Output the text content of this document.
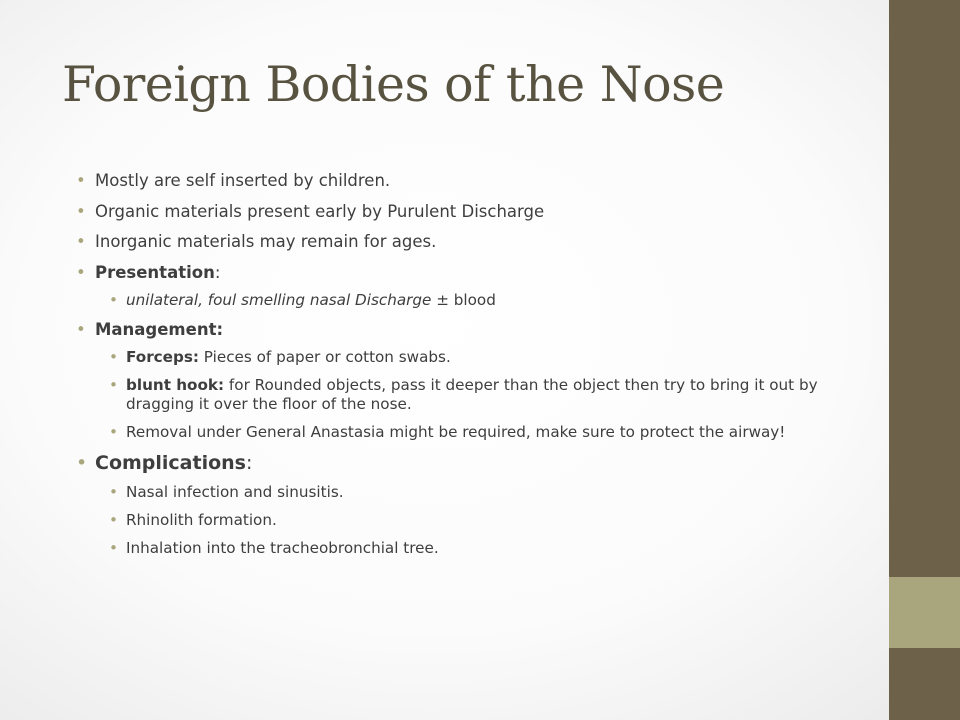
Foreign Bodies of the Nose
• Mostly are self inserted by children.
• Organic materials present early by Purulent Discharge
• Inorganic materials may remain for ages.
• Presentation:
• unilateral, foul smelling nasal Discharge ± blood
• Management:
• Forceps: Pieces of paper or cotton swabs.
• blunt hook: for Rounded objects, pass it deeper than the object then try to bring it out by dragging it over the floor of the nose.
• Removal under General Anastasia might be required, make sure to protect the airway!
• Complications:
• Nasal infection and sinusitis.
• Rhinolith formation.
• Inhalation into the tracheobronchial tree.
